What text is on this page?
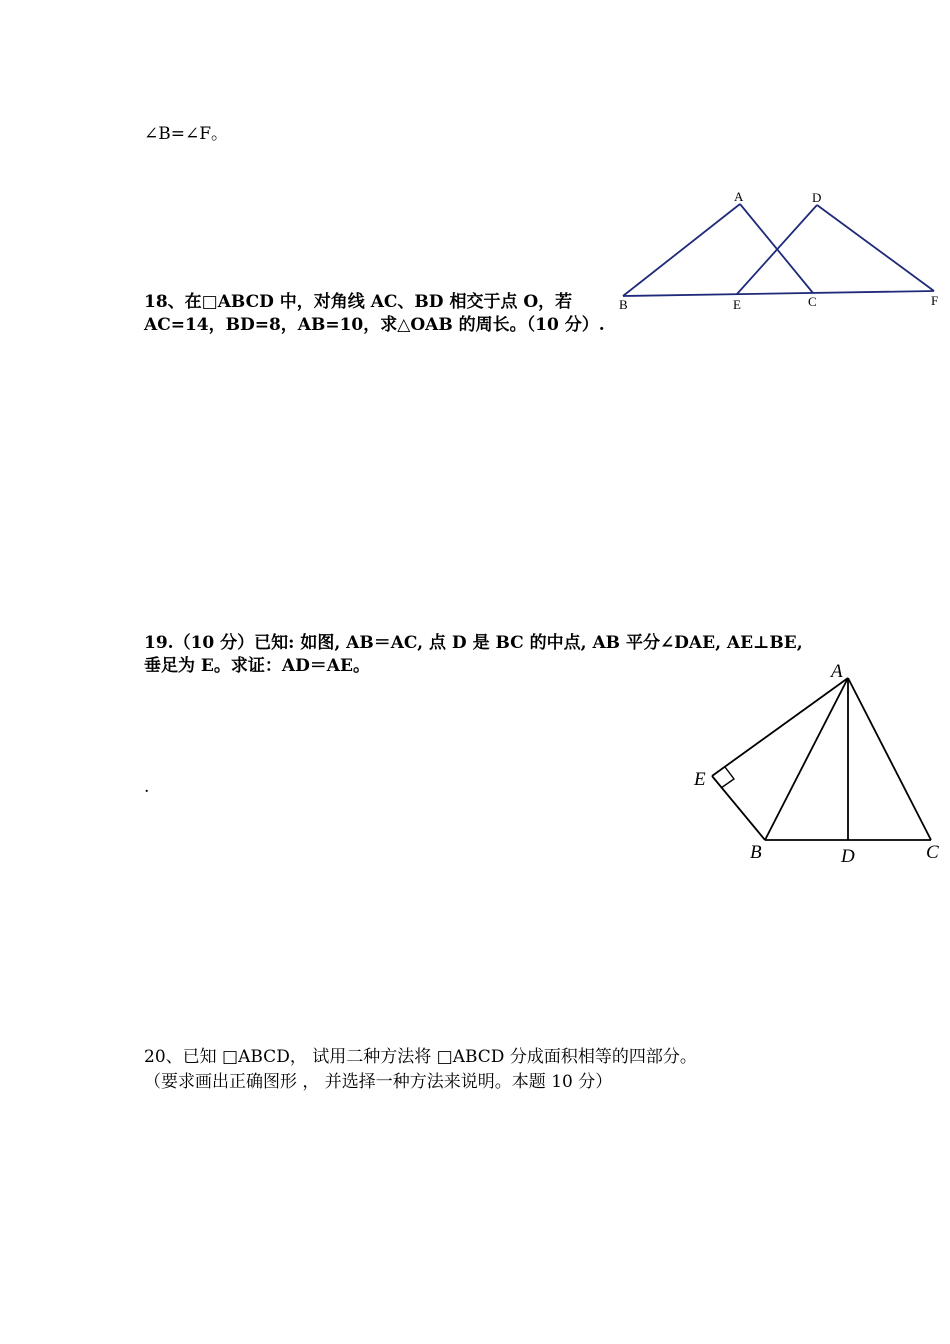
∠B=∠F。
A	D
B	E	C	F
18、在□ABCD 中，对角线 AC、BD 相交于点 O，若
AC=14，BD=8，AB=10，求△OAB 的周长。（10 分）.
19.（10 分）已知: 如图, AB＝AC, 点 D 是 BC 的中点, AB 平分∠DAE, AE⊥BE,
垂足为 E。求证：AD＝AE。
.
A
E
B	D	C
20、已知 □ABCD， 试用二种方法将 □ABCD 分成面积相等的四部分。
（要求画出正确图形 ， 并选择一种方法来说明。本题 10 分）
